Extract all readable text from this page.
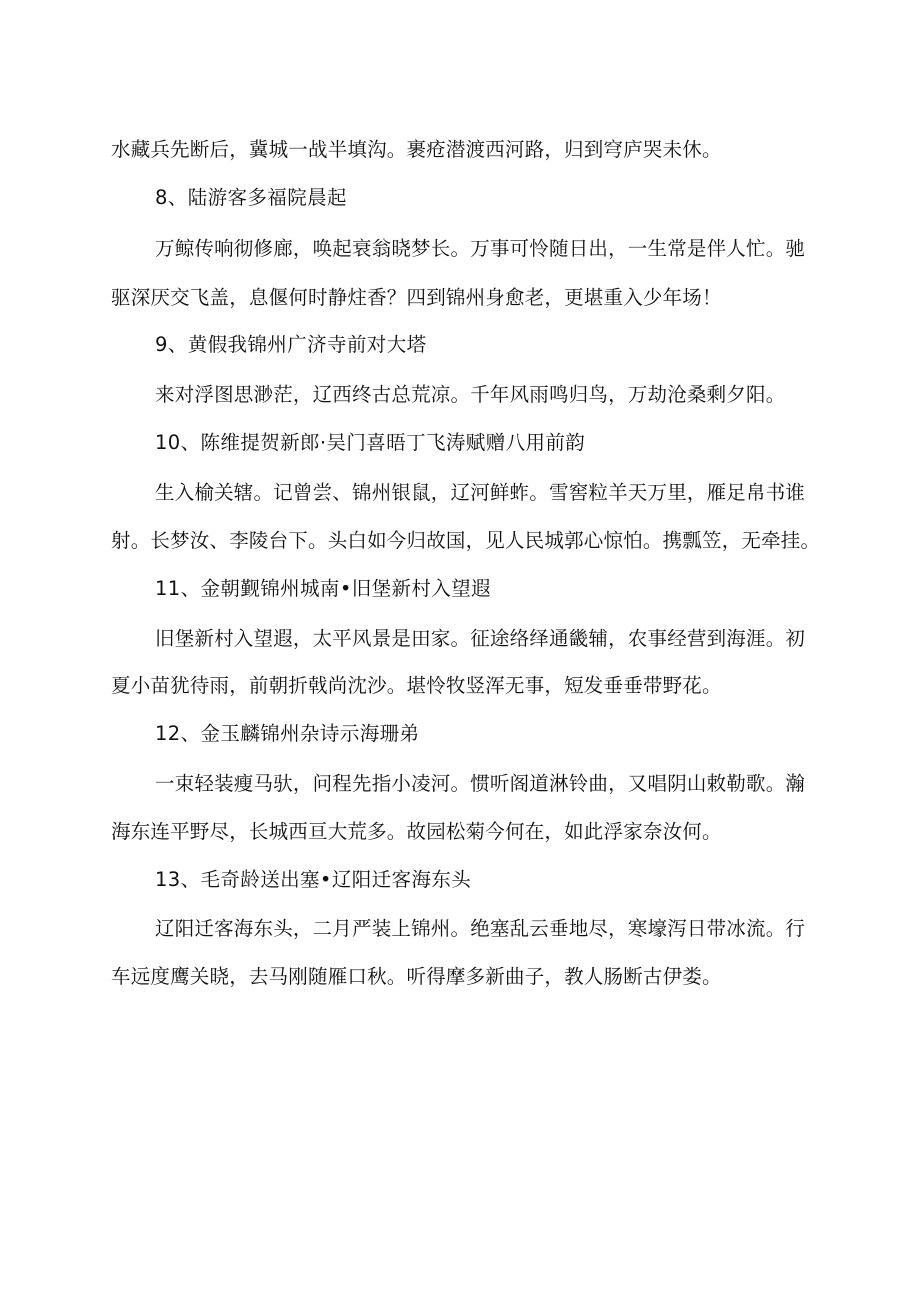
水藏兵先断后，冀城一战半填沟。裹疮潜渡西河路，归到穹庐哭未休。
8、陆游客多福院晨起
万鲸传响彻修廊，唤起衰翁晓梦长。万事可怜随日出，一生常是伴人忙。驰
驱深厌交飞盖，息偃何时静炷香？四到锦州身愈老，更堪重入少年场！
9、黄假我锦州广济寺前对大塔
来对浮图思渺茫，辽西终古总荒凉。千年风雨鸣归鸟，万劫沧桑剩夕阳。
10、陈维提贺新郎·吴门喜晤丁飞涛赋赠八用前韵
生入榆关辖。记曾尝、锦州银鼠，辽河鲜蚱。雪窖粒羊天万里，雁足帛书谁
射。长梦汝、李陵台下。头白如今归故国，见人民城郭心惊怕。携瓢笠，无牵挂。
11、金朝觐锦州城南•旧堡新村入望遐
旧堡新村入望遐，太平风景是田家。征途络绎通畿辅，农事经营到海涯。初
夏小苗犹待雨，前朝折戟尚沈沙。堪怜牧竖浑无事，短发垂垂带野花。
12、金玉麟锦州杂诗示海珊弟
一束轻装瘦马驮，问程先指小凌河。惯听阁道淋铃曲，又唱阴山敕勒歌。瀚
海东连平野尽，长城西亘大荒多。故园松菊今何在，如此浮家奈汝何。
13、毛奇龄送出塞•辽阳迁客海东头
辽阳迁客海东头，二月严装上锦州。绝塞乱云垂地尽，寒壕泻日带冰流。行
车远度鹰关晓，去马刚随雁口秋。听得摩多新曲子，教人肠断古伊娄。
